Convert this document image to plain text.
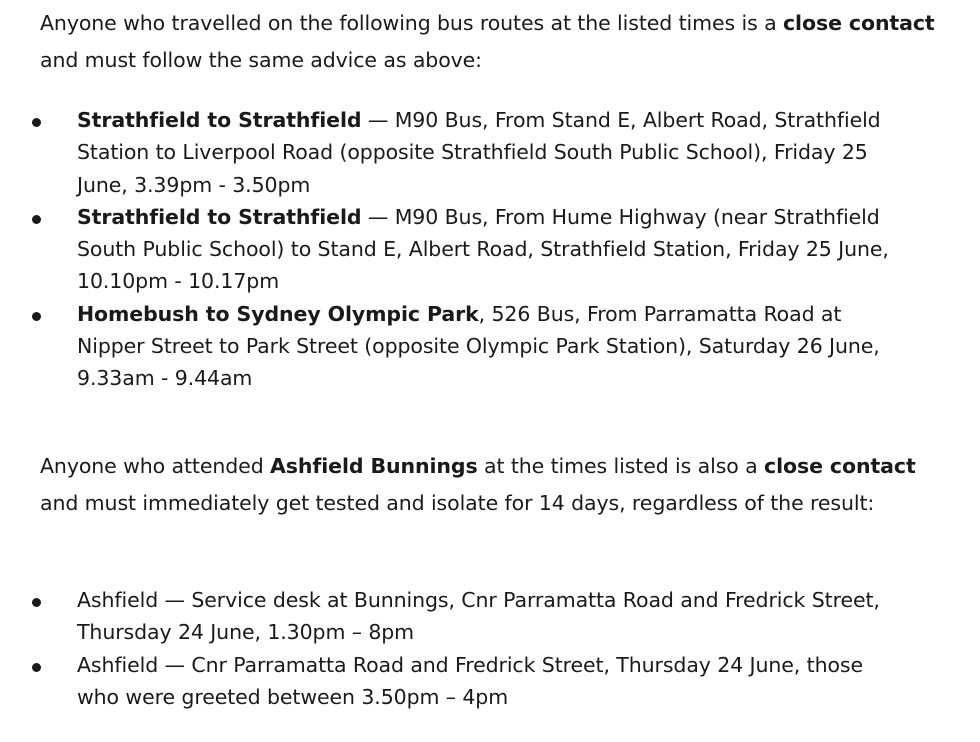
Anyone who travelled on the following bus routes at the listed times is a close contact and must follow the same advice as above:

Strathfield to Strathfield — M90 Bus, From Stand E, Albert Road, Strathfield Station to Liverpool Road (opposite Strathfield South Public School), Friday 25 June, 3.39pm - 3.50pm
Strathfield to Strathfield — M90 Bus, From Hume Highway (near Strathfield South Public School) to Stand E, Albert Road, Strathfield Station, Friday 25 June, 10.10pm - 10.17pm
Homebush to Sydney Olympic Park, 526 Bus, From Parramatta Road at Nipper Street to Park Street (opposite Olympic Park Station), Saturday 26 June, 9.33am - 9.44am

Anyone who attended Ashfield Bunnings at the times listed is also a close contact and must immediately get tested and isolate for 14 days, regardless of the result:

Ashfield — Service desk at Bunnings, Cnr Parramatta Road and Fredrick Street, Thursday 24 June, 1.30pm – 8pm
Ashfield — Cnr Parramatta Road and Fredrick Street, Thursday 24 June, those who were greeted between 3.50pm – 4pm
